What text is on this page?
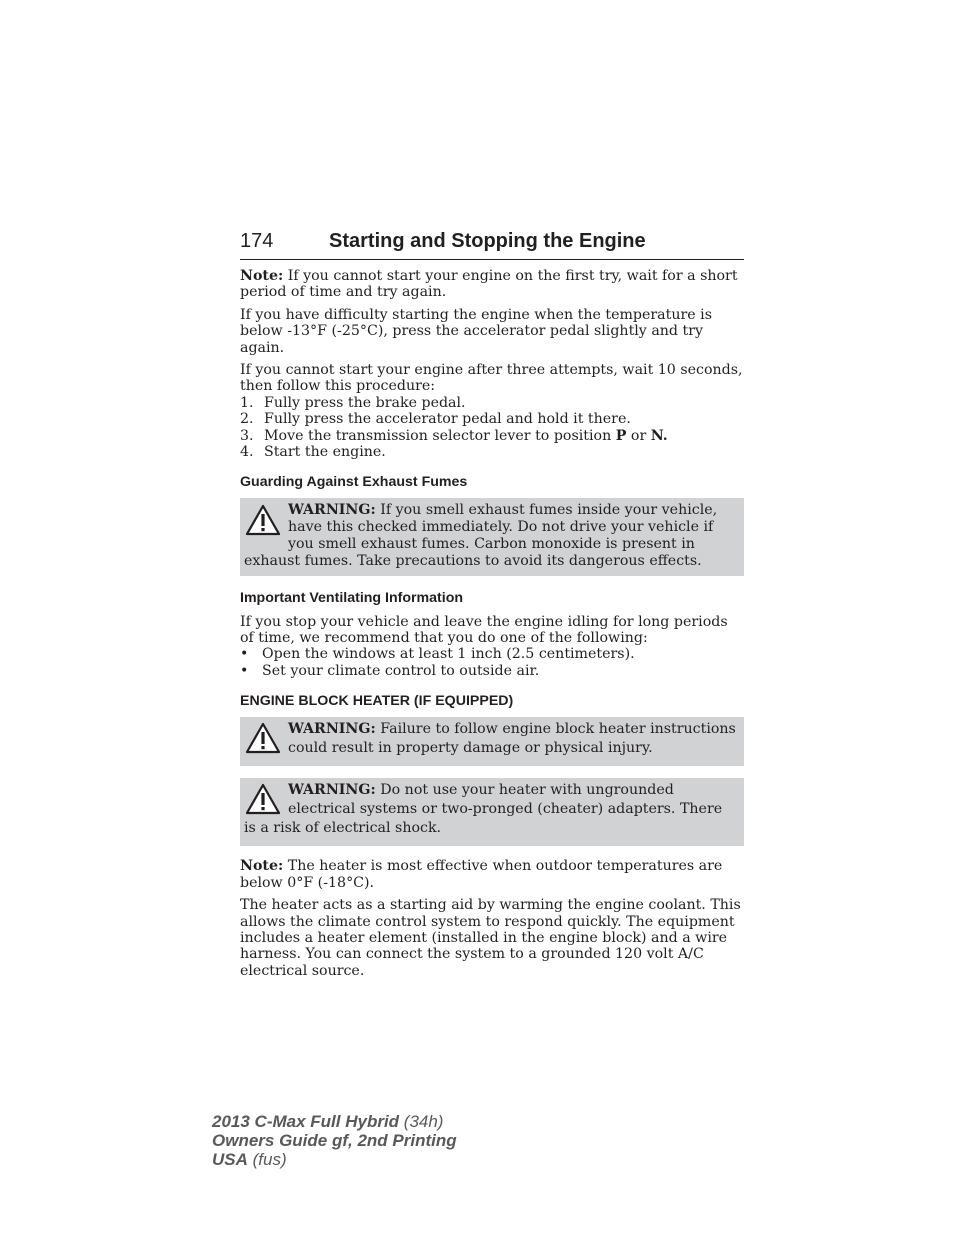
174	Starting and Stopping the Engine

Note: If you cannot start your engine on the first try, wait for a short period of time and try again.

If you have difficulty starting the engine when the temperature is below -13°F (-25°C), press the accelerator pedal slightly and try again.

If you cannot start your engine after three attempts, wait 10 seconds, then follow this procedure:

1. Fully press the brake pedal.
2. Fully press the accelerator pedal and hold it there.
3. Move the transmission selector lever to position P or N.
4. Start the engine.
Guarding Against Exhaust Fumes
WARNING: If you smell exhaust fumes inside your vehicle, have this checked immediately. Do not drive your vehicle if you smell exhaust fumes. Carbon monoxide is present in exhaust fumes. Take precautions to avoid its dangerous effects.
Important Ventilating Information

If you stop your vehicle and leave the engine idling for long periods of time, we recommend that you do one of the following:

• Open the windows at least 1 inch (2.5 centimeters).
• Set your climate control to outside air.
ENGINE BLOCK HEATER (IF EQUIPPED)
WARNING: Failure to follow engine block heater instructions could result in property damage or physical injury.
WARNING: Do not use your heater with ungrounded electrical systems or two-pronged (cheater) adapters. There is a risk of electrical shock.

Note: The heater is most effective when outdoor temperatures are below 0°F (-18°C).

The heater acts as a starting aid by warming the engine coolant. This allows the climate control system to respond quickly. The equipment includes a heater element (installed in the engine block) and a wire harness. You can connect the system to a grounded 120 volt A/C electrical source.

2013 C-Max Full Hybrid (34h)
Owners Guide gf, 2nd Printing
USA (fus)
